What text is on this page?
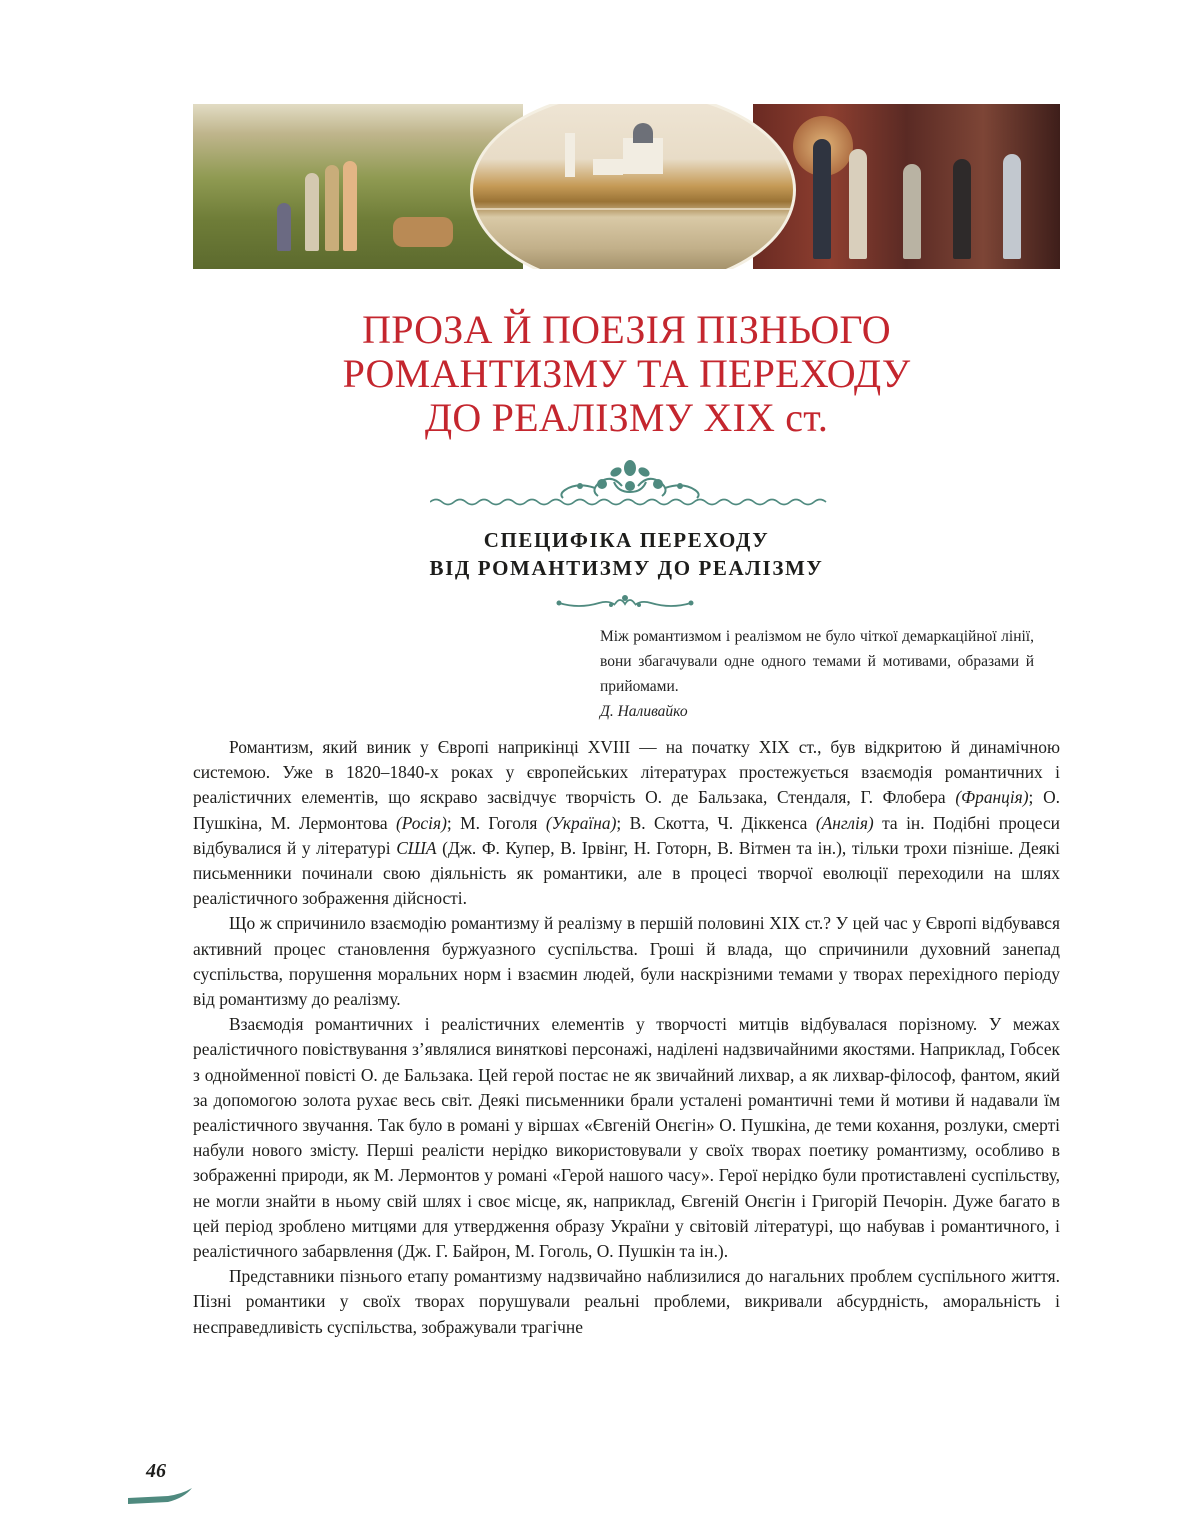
ПРОЗА Й ПОЕЗІЯ ПІЗНЬОГО
РОМАНТИЗМУ ТА ПЕРЕХОДУ
ДО РЕАЛІЗМУ XIX ст.
СПЕЦИФІКА ПЕРЕХОДУ
ВІД РОМАНТИЗМУ ДО РЕАЛІЗМУ

Між романтизмом і реалізмом не було чіткої демаркаційної лінії, вони збагачували одне одного темами й мотивами, образами й прийомами.

Д. Наливайко

Романтизм, який виник у Європі наприкінці XVIII — на початку XIX ст., був відкритою й динамічною системою. Уже в 1820–1840-х роках у європейських літературах простежується взаємодія романтичних і реалістичних елементів, що яскраво засвідчує творчість О. де Бальзака, Стендаля, Г. Флобера (Франція); О. Пушкіна, М. Лермонтова (Росія); М. Гоголя (Україна); В. Скотта, Ч. Діккенса (Англія) та ін. Подібні процеси відбувалися й у літературі США (Дж. Ф. Купер, В. Ірвінг, Н. Готорн, В. Вітмен та ін.), тільки трохи пізніше. Деякі письменники починали свою діяльність як романтики, але в процесі творчої еволюції переходили на шлях реалістичного зображення дійсності.

Що ж спричинило взаємодію романтизму й реалізму в першій половині XIX ст.? У цей час у Європі відбувався активний процес становлення буржуазного суспільства. Гроші й влада, що спричинили духовний занепад суспільства, порушення моральних норм і взаємин людей, були наскрізними темами у творах перехідного періоду від романтизму до реалізму.

Взаємодія романтичних і реалістичних елементів у творчості митців відбувалася порізному. У межах реалістичного повіствування з’являлися виняткові персонажі, наділені надзвичайними якостями. Наприклад, Гобсек з однойменної повісті О. де Бальзака. Цей герой постає не як звичайний лихвар, а як лихвар-філософ, фантом, який за допомогою золота рухає весь світ. Деякі письменники брали усталені романтичні теми й мотиви й надавали їм реалістичного звучання. Так було в романі у віршах «Євгеній Онєгін» О. Пушкіна, де теми кохання, розлуки, смерті набули нового змісту. Перші реалісти нерідко використовували у своїх творах поетику романтизму, особливо в зображенні природи, як М. Лермонтов у романі «Герой нашого часу». Герої нерідко були протиставлені суспільству, не могли знайти в ньому свій шлях і своє місце, як, наприклад, Євгеній Онєгін і Григорій Печорін. Дуже багато в цей період зроблено митцями для утвердження образу України у світовій літературі, що набував і романтичного, і реалістичного забарвлення (Дж. Г. Байрон, М. Гоголь, О. Пушкін та ін.).

Представники пізнього етапу романтизму надзвичайно наблизилися до нагальних проблем суспільного життя. Пізні романтики у своїх творах порушували реальні проблеми, викривали абсурдність, аморальність і несправедливість суспільства, зображували трагічне

46
